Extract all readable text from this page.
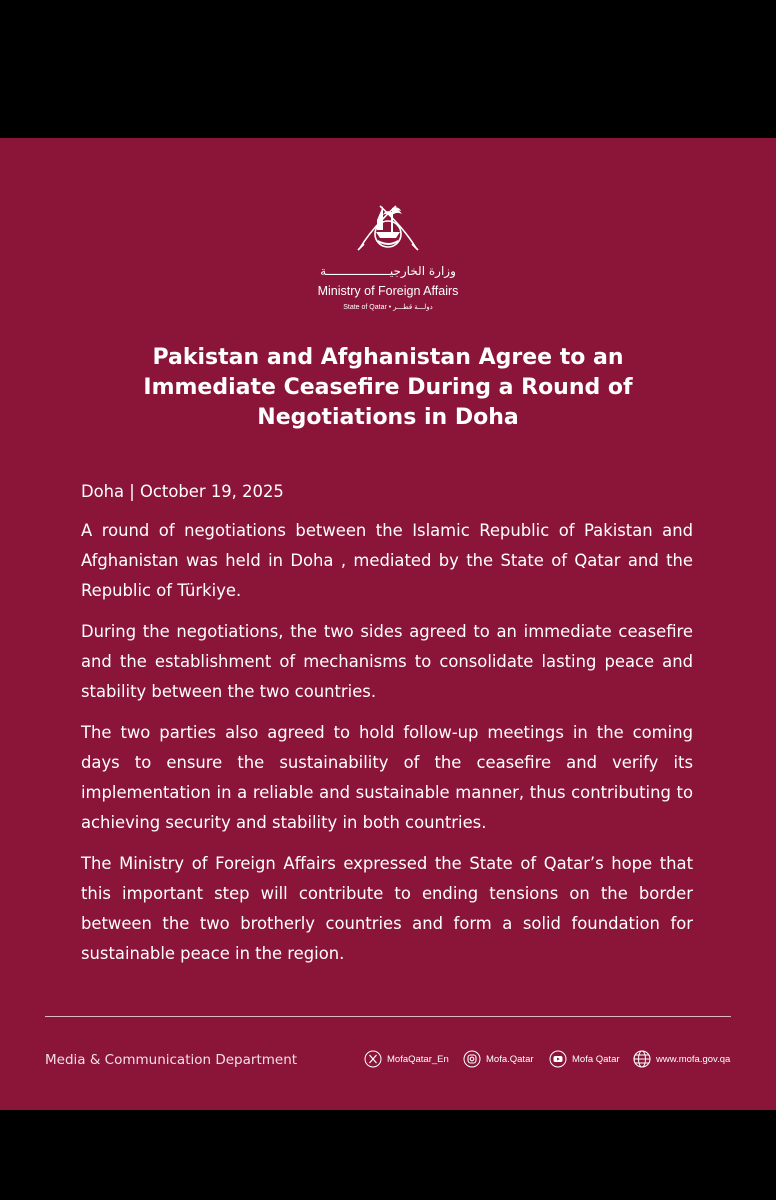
وزارة الخارجيــــــــــــــــــة
Ministry of Foreign Affairs
State of Qatar • دولـــة قطـــر
Pakistan and Afghanistan Agree to an Immediate Ceasefire During a Round of Negotiations in Doha

Doha | October 19, 2025

A round of negotiations between the Islamic Republic of Pakistan and Afghanistan was held in Doha , mediated by the State of Qatar and the Republic of Türkiye.

During the negotiations, the two sides agreed to an immediate ceasefire and the establishment of mechanisms to consolidate lasting peace and stability between the two countries.

The two parties also agreed to hold follow-up meetings in the coming days to ensure the sustainability of the ceasefire and verify its implementation in a reliable and sustainable manner, thus contributing to achieving security and stability in both countries.

The Ministry of Foreign Affairs expressed the State of Qatar’s hope that this important step will contribute to ending tensions on the border between the two brotherly countries and form a solid foundation for sustainable peace in the region.

Media & Communication Department	MofaQatar_En	Mofa.Qatar	Mofa Qatar	www.mofa.gov.qa
